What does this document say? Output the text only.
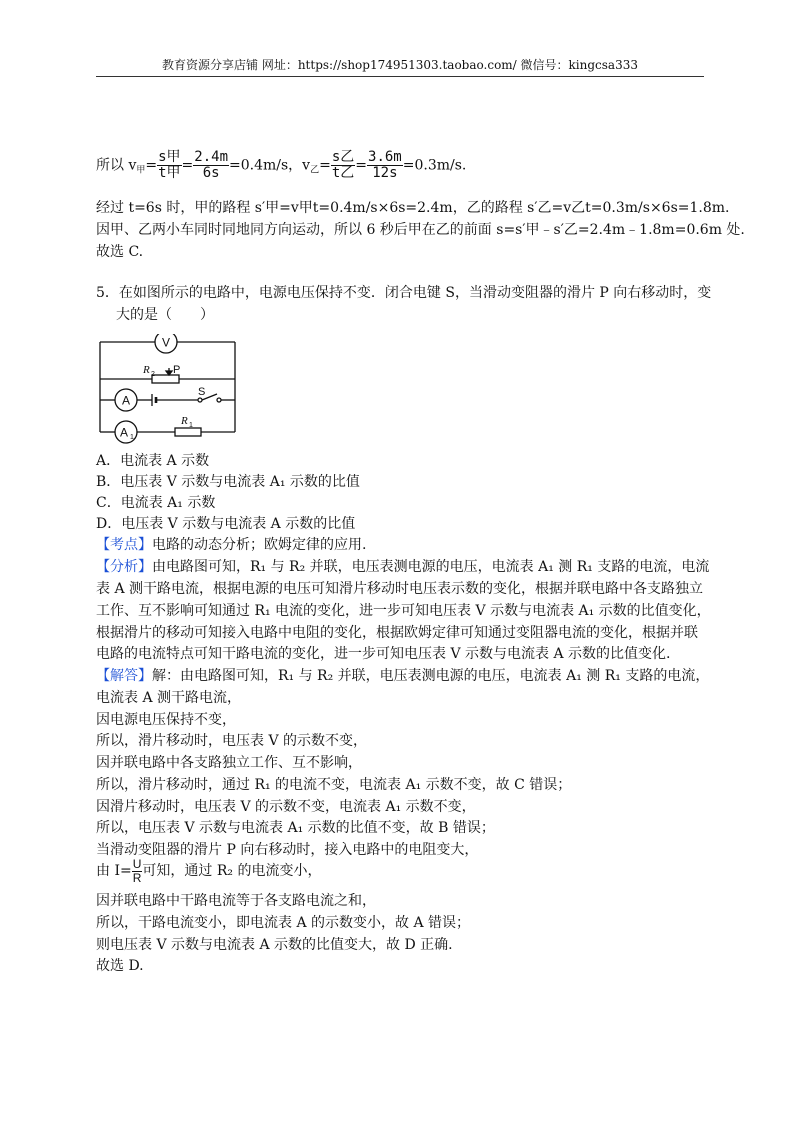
教育资源分享店铺 网址：https://shop174951303.taobao.com/ 微信号：kingcsa333
所以 $v_甲= \frac{\text{s甲}}{\text{t甲}} = \frac{2.4m}{6s} =0.4m/s$，$v_乙= \frac{\text{s乙}}{\text{t乙}} = \frac{3.6m}{12s} =0.3m/s$.
经过 t=6s 时，甲的路程 s′甲=v甲t=0.4m/s×6s=2.4m，乙的路程 s′乙=v乙t=0.3m/s×6s=1.8m.
因甲、乙两小车同时同地同方向运动，所以 6 秒后甲在乙的前面 s=s′甲﹣s′乙=2.4m﹣1.8m=0.6m 处.
故选 C.
5．在如图所示的电路中，电源电压保持不变．闭合电键 S，当滑动变阻器的滑片 P 向右移动时，变
大的是（　　）
V
A
A 1
R 2 P
S
R 1
A．电流表 A 示数
B．电压表 V 示数与电流表 A₁ 示数的比值
C．电流表 A₁ 示数
D．电压表 V 示数与电流表 A 示数的比值
【考点】电路的动态分析；欧姆定律的应用.
【分析】由电路图可知，R₁ 与 R₂ 并联，电压表测电源的电压，电流表 A₁ 测 R₁ 支路的电流，电流
表 A 测干路电流，根据电源的电压可知滑片移动时电压表示数的变化，根据并联电路中各支路独立
工作、互不影响可知通过 R₁ 电流的变化，进一步可知电压表 V 示数与电流表 A₁ 示数的比值变化，
根据滑片的移动可知接入电路中电阻的变化，根据欧姆定律可知通过变阻器电流的变化，根据并联
电路的电流特点可知干路电流的变化，进一步可知电压表 V 示数与电流表 A 示数的比值变化.
【解答】解：由电路图可知，R₁ 与 R₂ 并联，电压表测电源的电压，电流表 A₁ 测 R₁ 支路的电流，
电流表 A 测干路电流，
因电源电压保持不变，
所以，滑片移动时，电压表 V 的示数不变，
因并联电路中各支路独立工作、互不影响，
所以，滑片移动时，通过 R₁ 的电流不变，电流表 A₁ 示数不变，故 C 错误；
因滑片移动时，电压表 V 的示数不变，电流表 A₁ 示数不变，
所以，电压表 V 示数与电流表 A₁ 示数的比值不变，故 B 错误；
当滑动变阻器的滑片 P 向右移动时，接入电路中的电阻变大，
由 $I= \frac{U}{R}$ 可知，通过 R₂ 的电流变小，
因并联电路中干路电流等于各支路电流之和，
所以，干路电流变小，即电流表 A 的示数变小，故 A 错误；
则电压表 V 示数与电流表 A 示数的比值变大，故 D 正确.
故选 D.
